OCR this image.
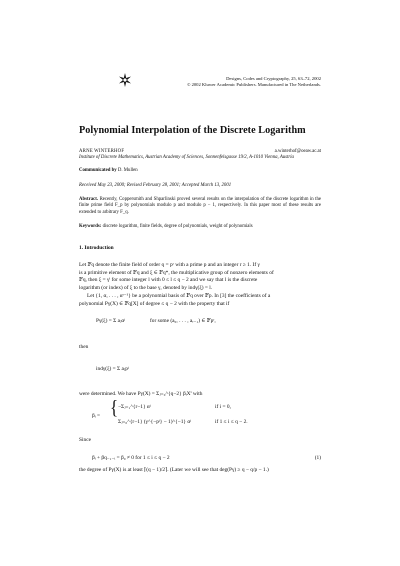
Designs, Codes and Cryptography, 25, 63–72, 2002
© 2002 Kluwer Academic Publishers. Manufactured in The Netherlands.
Polynomial Interpolation of the Discrete Logarithm
ARNE WINTERHOF	a.winterhof@oeaw.ac.at
Institute of Discrete Mathematics, Austrian Academy of Sciences, Sonnenfelsgasse 19/2, A-1010 Vienna, Austria
Communicated by D. Mullen
Received May 23, 2000; Revised February 28, 2001; Accepted March 13, 2001
Abstract. Recently, Coppersmith and Shparlinski proved several results on the interpolation of the discrete logarithm in the finite prime field F_p by polynomials modulo p and modulo p − 1, respectively. In this paper most of these results are extended to arbitrary F_q.
Keywords: discrete logarithm, finite fields, degree of polynomials, weight of polynomials
1. Introduction
Let 𝔽q denote the finite field of order q = pʳ with a prime p and an integer r ≥ 1. If γ
is a primitive element of 𝔽q and ξ ∈ 𝔽q*, the multiplicative group of nonzero elements of
𝔽q, then ξ = γˡ for some integer l with 0 ≤ l ≤ q − 2 and we say that l is the discrete
logarithm (or index) of ξ to the base γ, denoted by indγ(ξ) = l.
Let {1, α, . . . , αʳ⁻¹} be a polynomial basis of 𝔽q over 𝔽p. In [3] the coefficients of a
polynomial Pγ(X) ∈ 𝔽q[X] of degree ≤ q − 2 with the property that if
Pγ(ξ) = Σ aⱼαʲ	for some (a₀, . . . , aᵣ₋₁) ∈ 𝔽pʳ,
then
indγ(ξ) = Σ aⱼpʲ
were determined. We have Pγ(X) = Σⱼ₌₀^{q−2} βᵢXⁱ with
βᵢ = { −Σⱼ₌₁^{r−1} αʲ	if i = 0,
Σⱼ₌₀^{r−1} (γ^{−pʲ} − 1)^{−1} αʲ	if 1 ≤ i ≤ q − 2.
Since
βᵢ + βq₋₁₋ᵢ = β₀ ≠ 0 for 1 ≤ i ≤ q − 2	(1)
the degree of Pγ(X) is at least ⌈(q − 1)/2⌉. (Later we will see that deg(Pγ) ≥ q − q/p − 1.)
